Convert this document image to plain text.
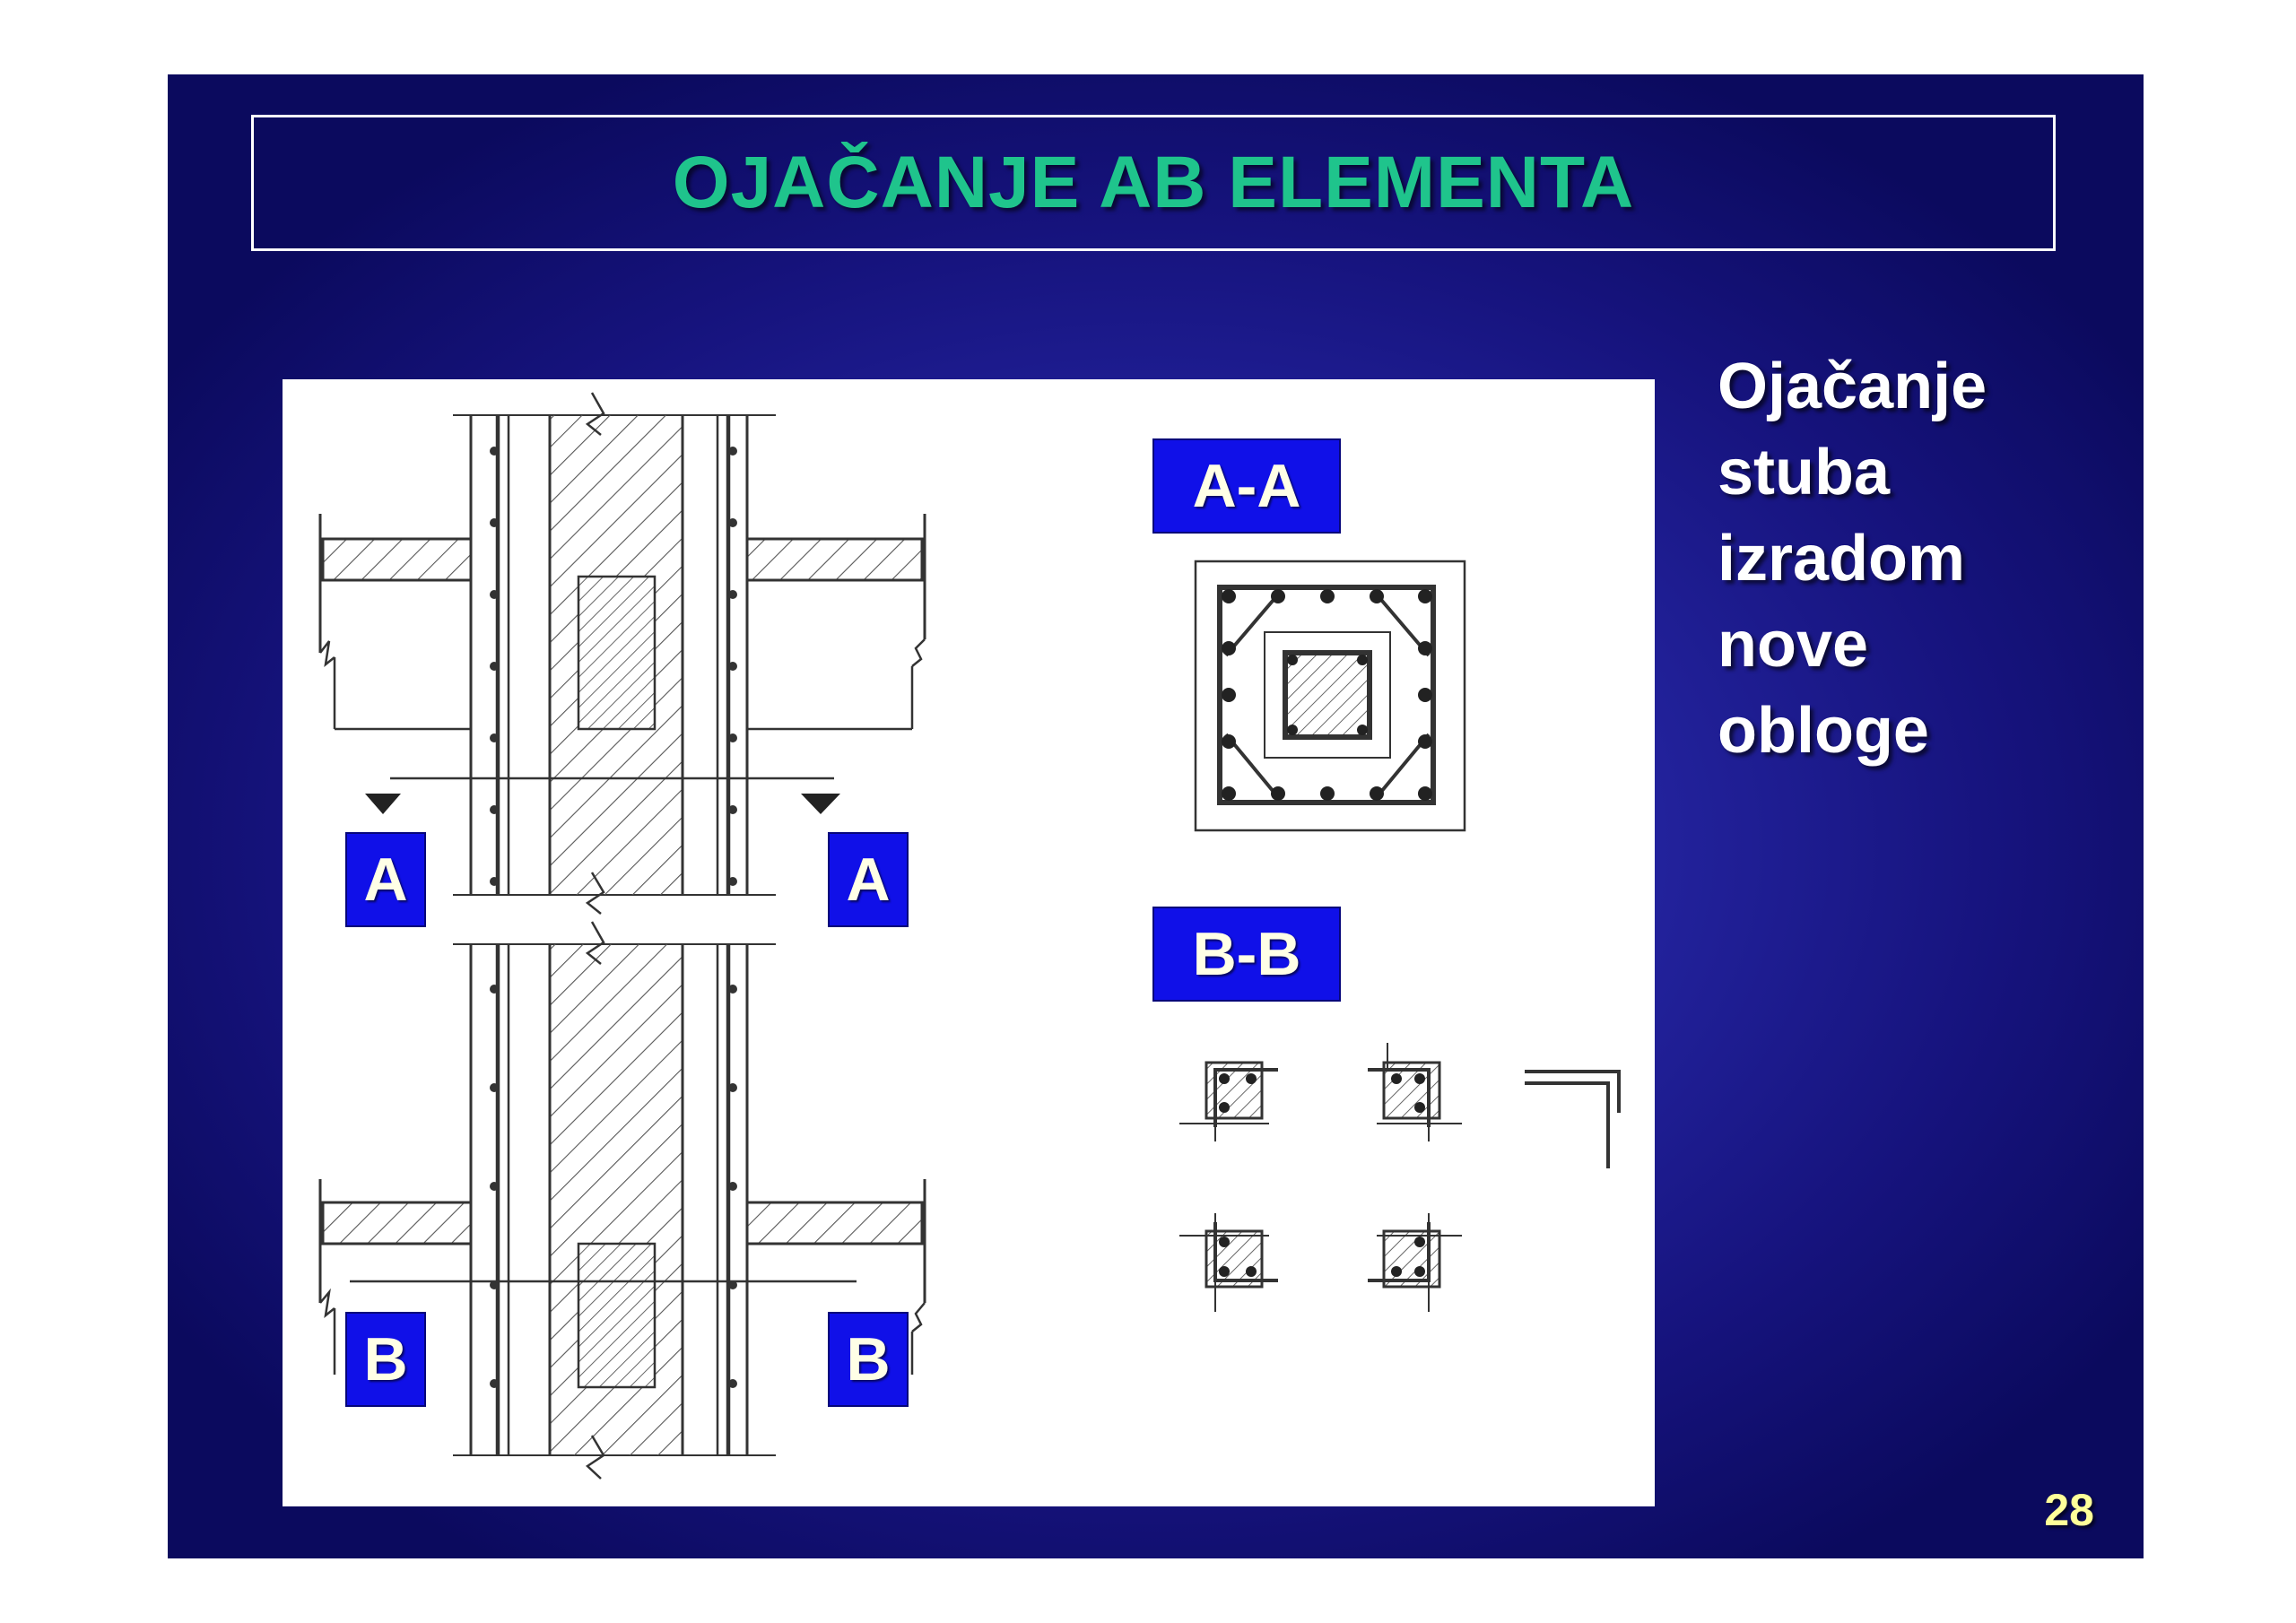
OJAČANJE AB ELEMENTA
A	A
B	B
A-A
B-B
Ojačanje
stuba
izradom
nove
obloge
28
